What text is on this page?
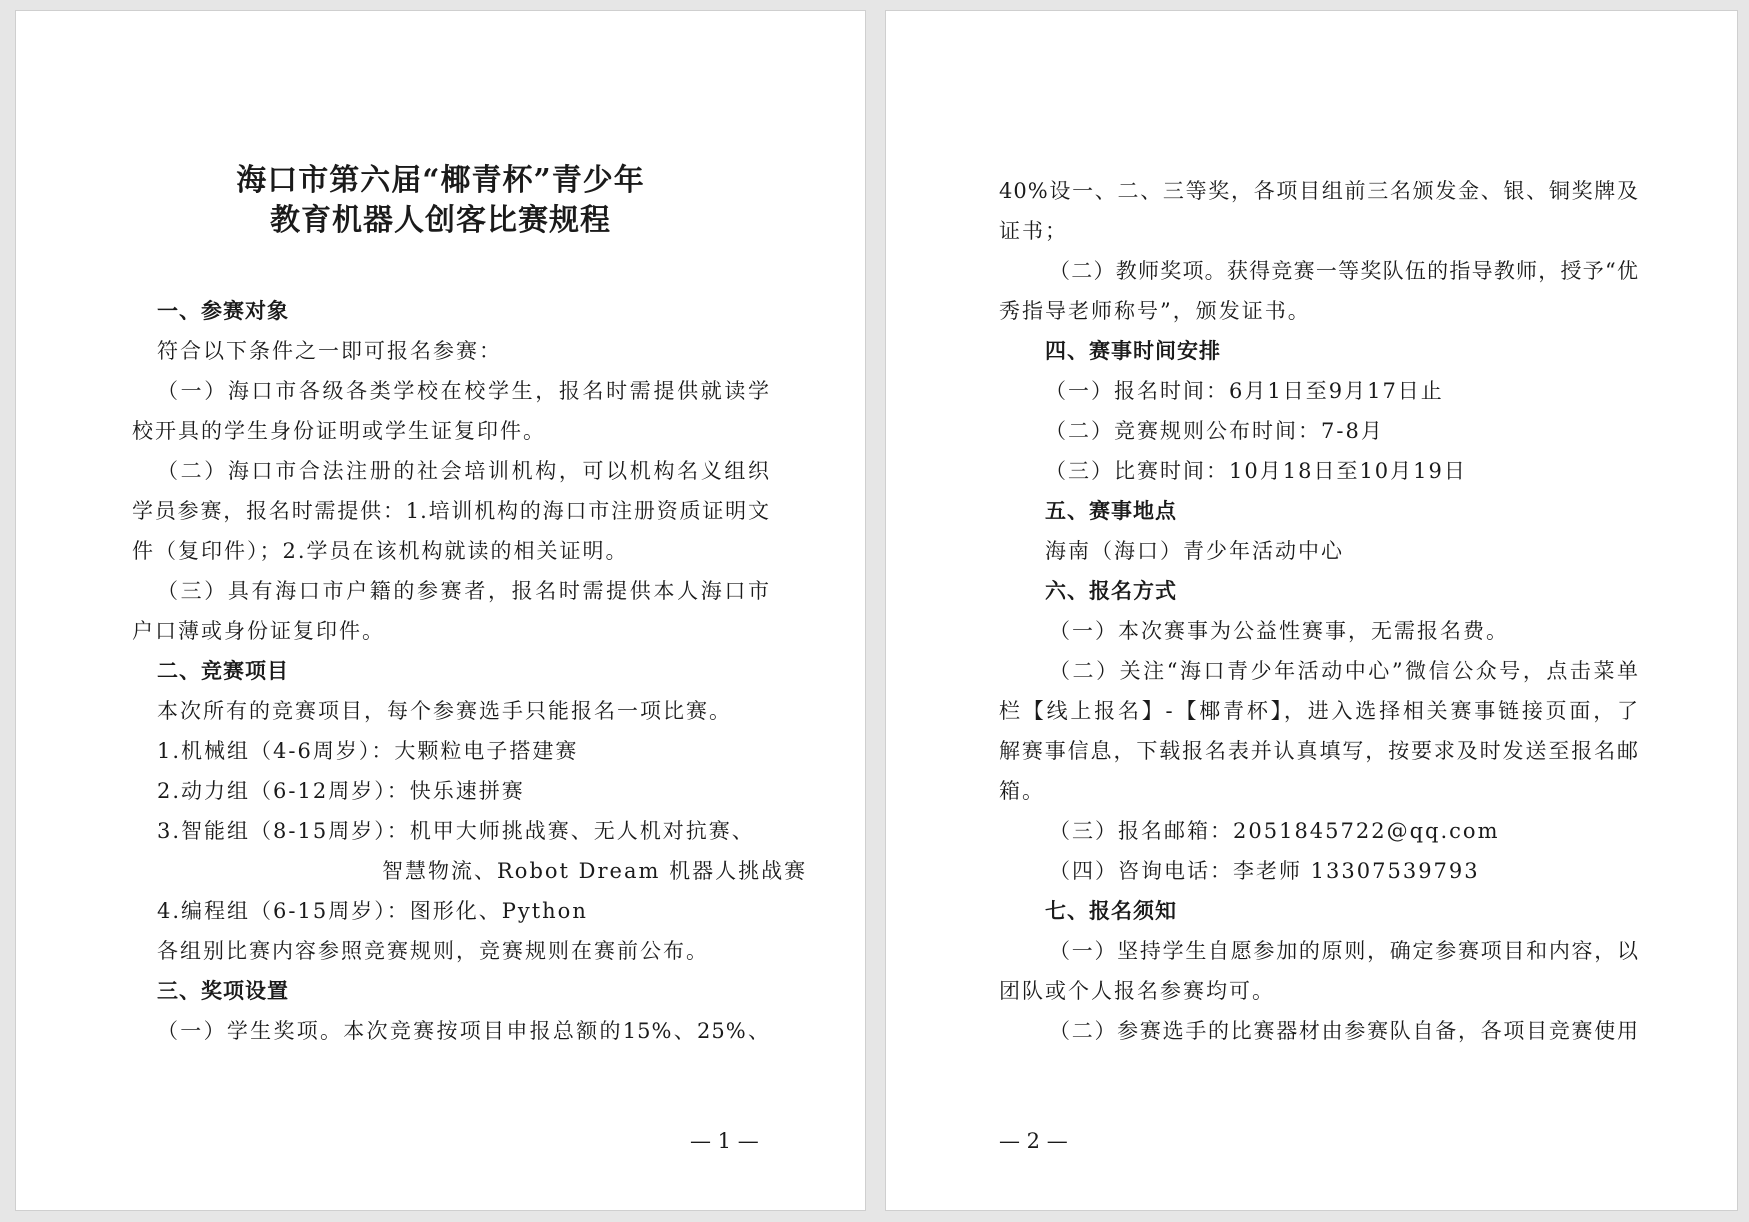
海口市第六届“椰青杯”青少年
教育机器人创客比赛规程
一、参赛对象
符合以下条件之一即可报名参赛：
（一）海口市各级各类学校在校学生，报名时需提供就读学
校开具的学生身份证明或学生证复印件。
（二）海口市合法注册的社会培训机构，可以机构名义组织
学员参赛，报名时需提供：1.培训机构的海口市注册资质证明文
件（复印件）；2.学员在该机构就读的相关证明。
（三）具有海口市户籍的参赛者，报名时需提供本人海口市
户口薄或身份证复印件。
二、竞赛项目
本次所有的竞赛项目，每个参赛选手只能报名一项比赛。
1.机械组（4-6周岁）：大颗粒电子搭建赛
2.动力组（6-12周岁）：快乐速拼赛
3.智能组（8-15周岁）：机甲大师挑战赛、无人机对抗赛、
智慧物流、Robot Dream 机器人挑战赛
4.编程组（6-15周岁）：图形化、Python
各组别比赛内容参照竞赛规则，竞赛规则在赛前公布。
三、奖项设置
（一）学生奖项。本次竞赛按项目申报总额的15%、25%、
— 1 —
40%设一、二、三等奖，各项目组前三名颁发金、银、铜奖牌及
证书；
（二）教师奖项。获得竞赛一等奖队伍的指导教师，授予“优
秀指导老师称号”，颁发证书。
四、赛事时间安排
（一）报名时间：6月1日至9月17日止
（二）竞赛规则公布时间：7-8月
（三）比赛时间：10月18日至10月19日
五、赛事地点
海南（海口）青少年活动中心
六、报名方式
（一）本次赛事为公益性赛事，无需报名费。
（二）关注“海口青少年活动中心”微信公众号，点击菜单
栏【线上报名】-【椰青杯】，进入选择相关赛事链接页面，了
解赛事信息，下载报名表并认真填写，按要求及时发送至报名邮
箱。
（三）报名邮箱：2051845722@qq.com
（四）咨询电话：李老师 13307539793
七、报名须知
（一）坚持学生自愿参加的原则，确定参赛项目和内容，以
团队或个人报名参赛均可。
（二）参赛选手的比赛器材由参赛队自备，各项目竞赛使用
— 2 —
